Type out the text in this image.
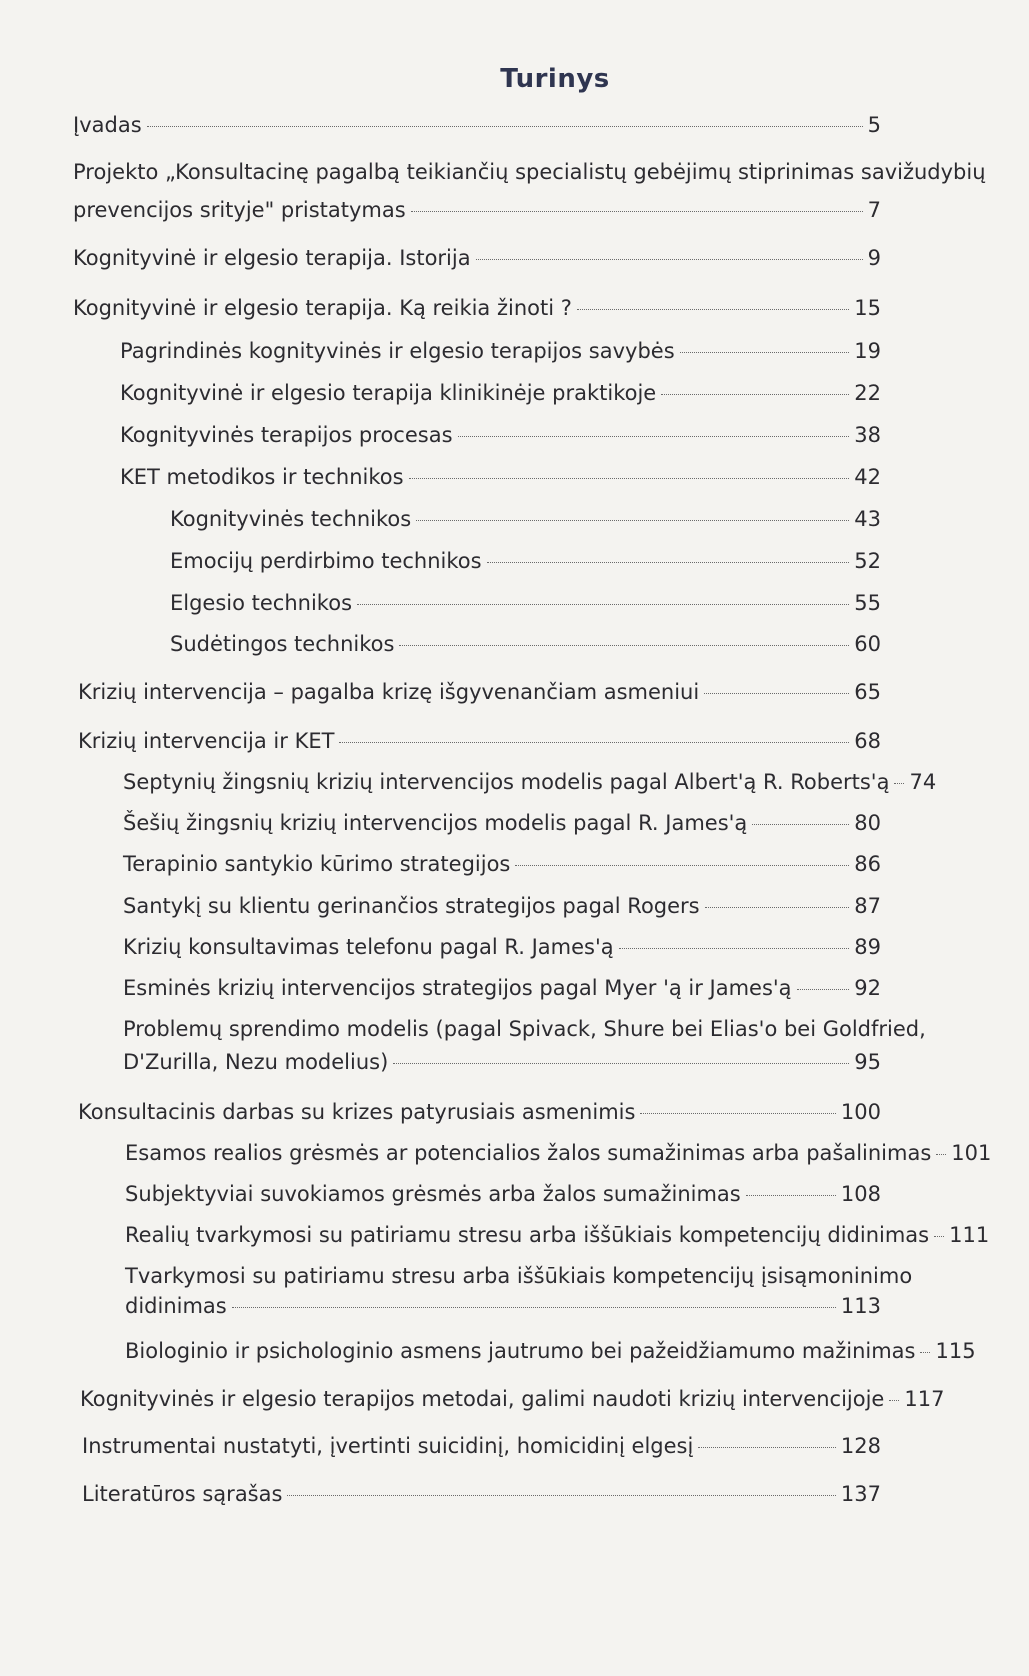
Turinys
Įvadas	5
Projekto „Konsultacinę pagalbą teikiančių specialistų gebėjimų stiprinimas savižudybių
prevencijos srityje" pristatymas	7
Kognityvinė ir elgesio terapija. Istorija	9
Kognityvinė ir elgesio terapija. Ką reikia žinoti ?	15
Pagrindinės kognityvinės ir elgesio terapijos savybės	19
Kognityvinė ir elgesio terapija klinikinėje praktikoje	22
Kognityvinės terapijos procesas	38
KET metodikos ir technikos	42
Kognityvinės technikos	43
Emocijų perdirbimo technikos	52
Elgesio technikos	55
Sudėtingos technikos	60
Krizių intervencija – pagalba krizę išgyvenančiam asmeniui	65
Krizių intervencija ir KET	68
Septynių žingsnių krizių intervencijos modelis pagal Albert'ą R. Roberts'ą 74
Šešių žingsnių krizių intervencijos modelis pagal R. James'ą	80
Terapinio santykio kūrimo strategijos	86
Santykį su klientu gerinančios strategijos pagal Rogers	87
Krizių konsultavimas telefonu pagal R. James'ą	89
Esminės krizių intervencijos strategijos pagal Myer 'ą ir James'ą	92
Problemų sprendimo modelis (pagal Spivack, Shure bei Elias'o bei Goldfried,
D'Zurilla, Nezu modelius)	95
Konsultacinis darbas su krizes patyrusiais asmenimis	100
Esamos realios grėsmės ar potencialios žalos sumažinimas arba pašalinimas 101
Subjektyviai suvokiamos grėsmės arba žalos sumažinimas	108
Realių tvarkymosi su patiriamu stresu arba iššūkiais kompetencijų didinimas 111
Tvarkymosi su patiriamu stresu arba iššūkiais kompetencijų įsisąmoninimo
didinimas	113
Biologinio ir psichologinio asmens jautrumo bei pažeidžiamumo mažinimas 115
Kognityvinės ir elgesio terapijos metodai, galimi naudoti krizių intervencijoje 117
Instrumentai nustatyti, įvertinti suicidinį, homicidinį elgesį	128
Literatūros sąrašas	137
